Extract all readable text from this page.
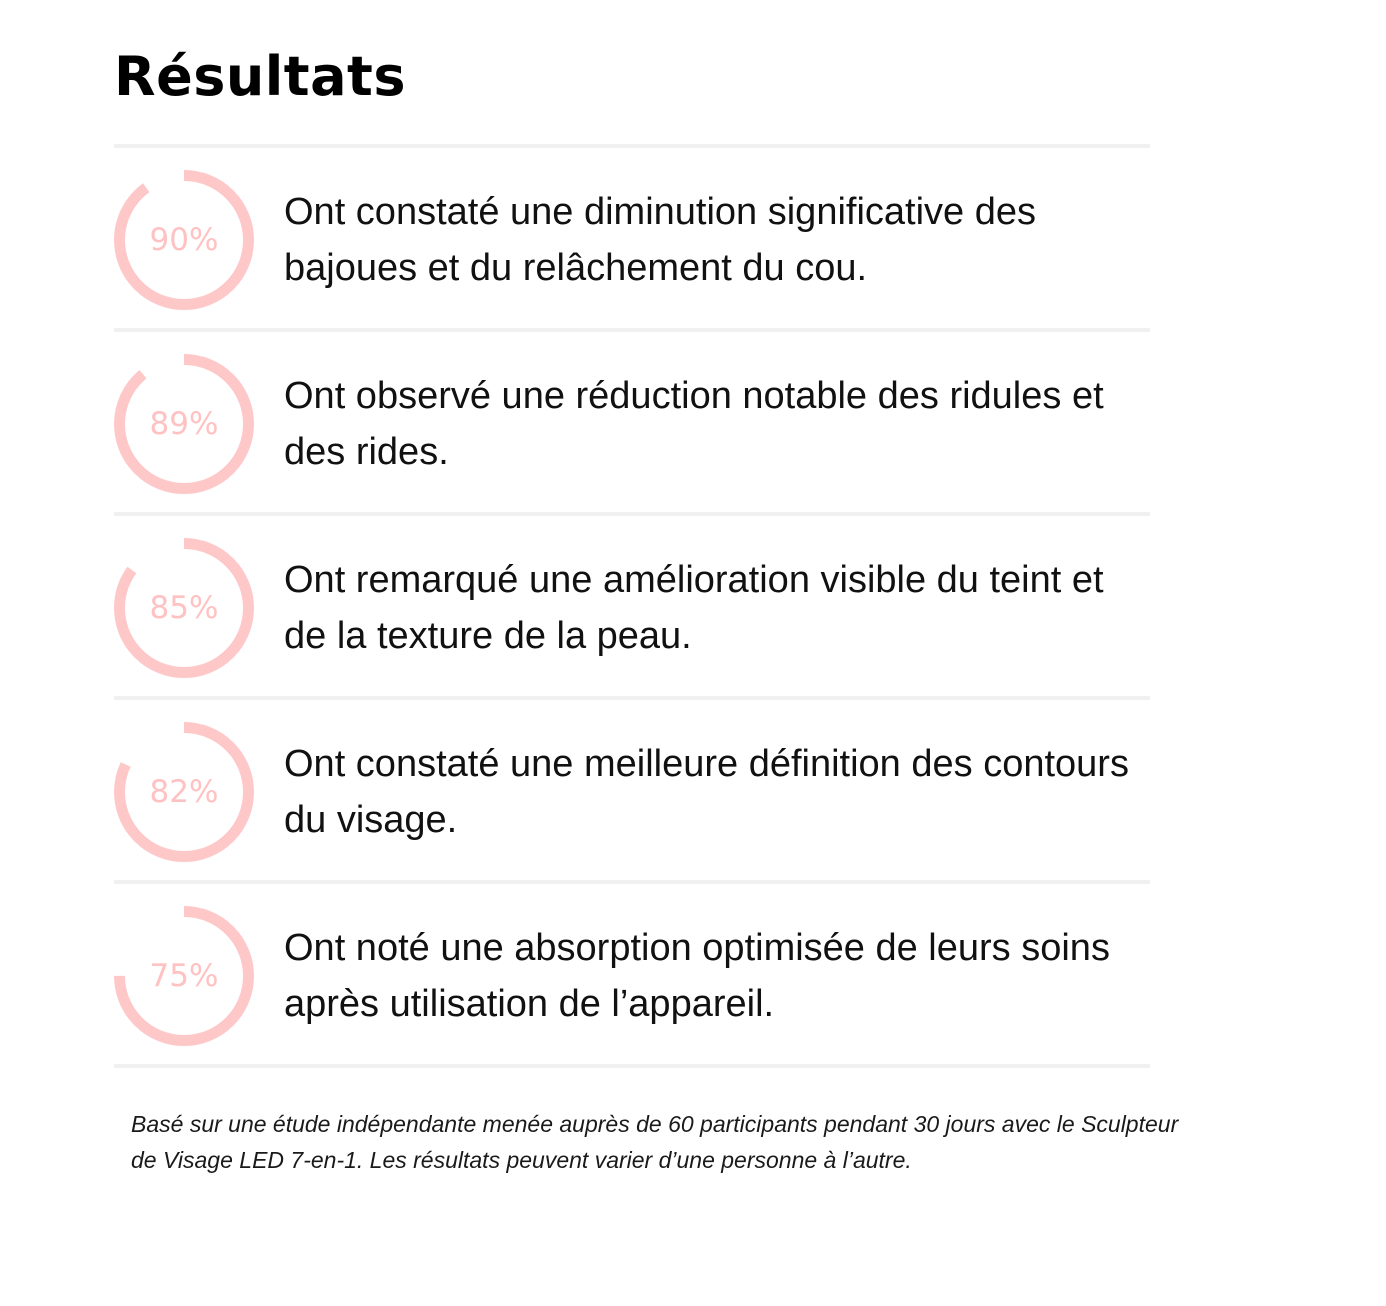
Résultats
90%

Ont constaté une diminution significative des bajoues et du relâchement du cou.

89%

Ont observé une réduction notable des ridules et des rides.

85%

Ont remarqué une amélioration visible du teint et de la texture de la peau.

82%

Ont constaté une meilleure définition des contours du visage.

75%

Ont noté une absorption optimisée de leurs soins après utilisation de l’appareil.

Basé sur une étude indépendante menée auprès de 60 participants pendant 30 jours avec le Sculpteur de Visage LED 7-en-1. Les résultats peuvent varier d’une personne à l’autre.
